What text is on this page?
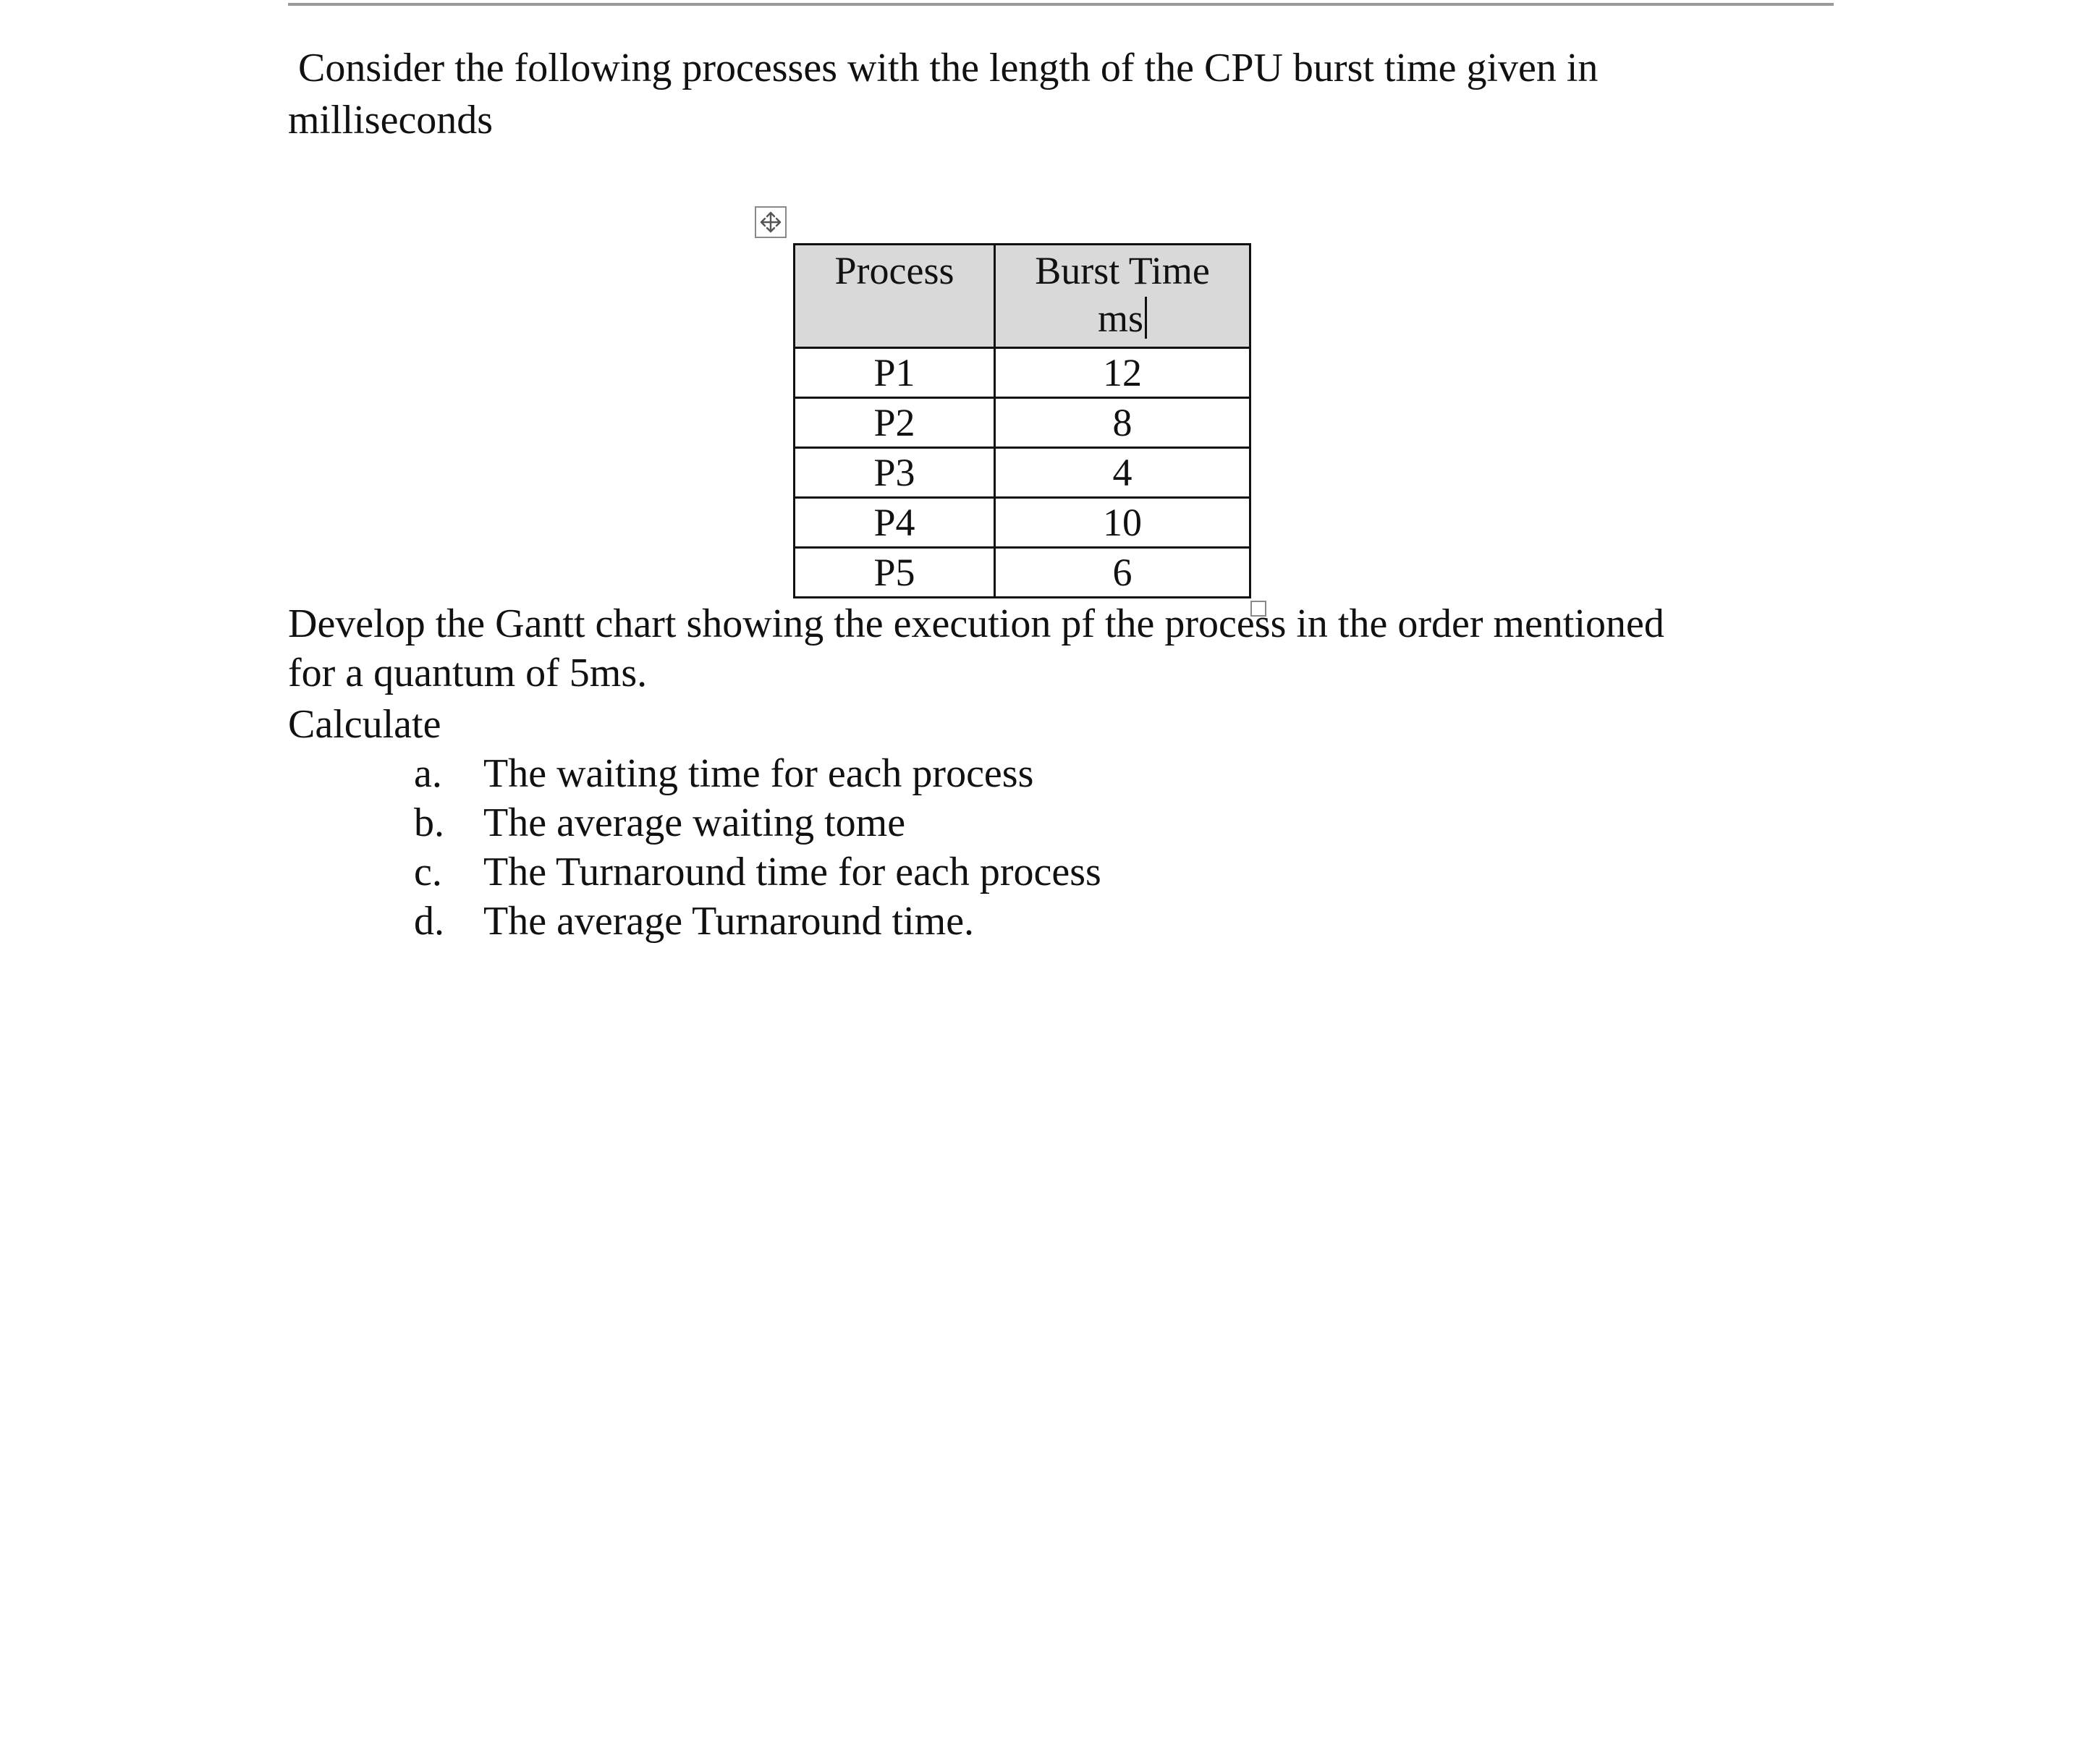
Consider the following processes with the length of the CPU burst time given in
milliseconds

Process	Burst Time
ms

P1	12
P2	8
P3	4
P4	10
P5	6

Develop the Gantt chart showing the execution pf the process in the order mentioned
for a quantum of 5ms.

Calculate

a.	The waiting time for each process
b. The average waiting tome
c.	The Turnaround time for each process
d. The average Turnaround time.
